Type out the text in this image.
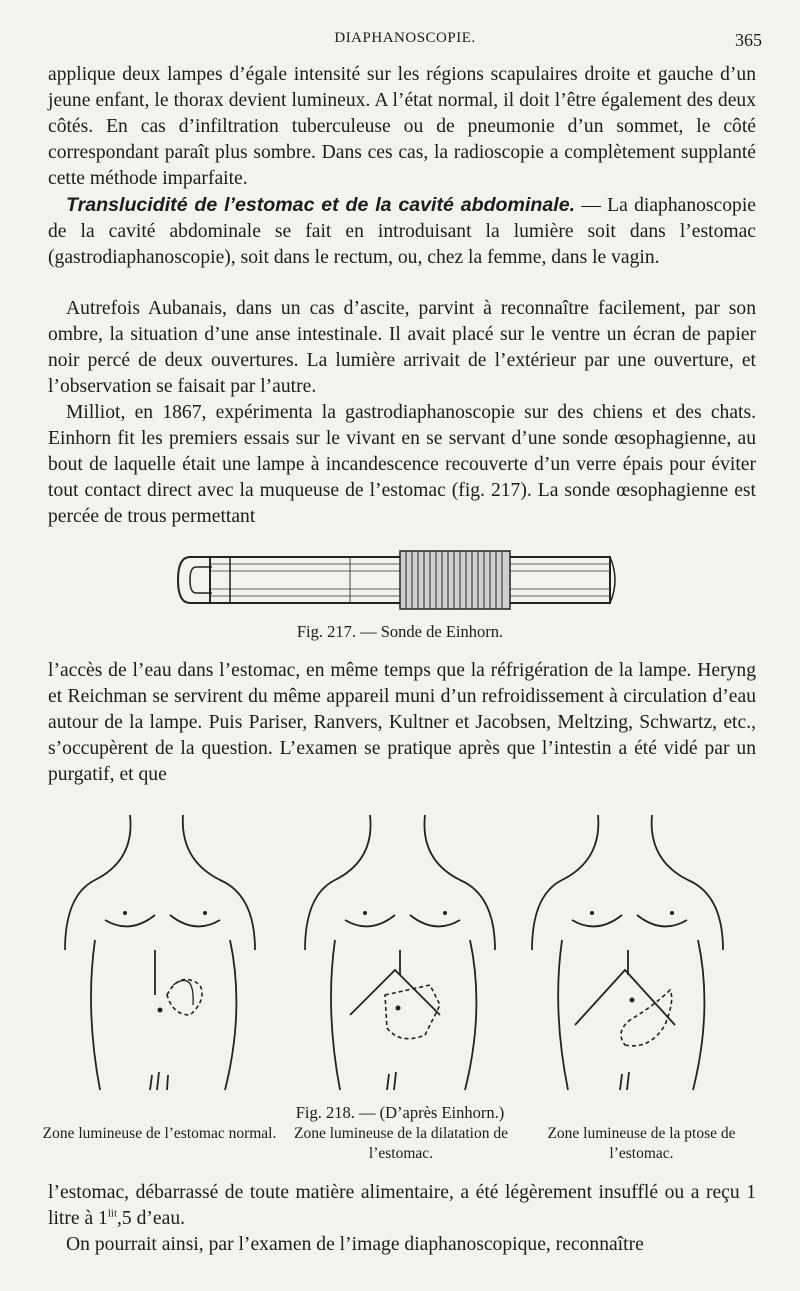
DIAPHANOSCOPIE.	365

applique deux lampes d’égale intensité sur les régions scapulaires droite et gauche d’un jeune enfant, le thorax devient lumineux. A l’état normal, il doit l’être également des deux côtés. En cas d’infiltration tuberculeuse ou de pneumonie d’un sommet, le côté correspondant paraît plus sombre. Dans ces cas, la radioscopie a complètement supplanté cette méthode imparfaite.

Translucidité de l’estomac et de la cavité abdominale. — La diaphanoscopie de la cavité abdominale se fait en introduisant la lumière soit dans l’estomac (gastrodiaphanoscopie), soit dans le rectum, ou, chez la femme, dans le vagin.

Autrefois Aubanais, dans un cas d’ascite, parvint à reconnaître facilement, par son ombre, la situation d’une anse intestinale. Il avait placé sur le ventre un écran de papier noir percé de deux ouvertures. La lumière arrivait de l’extérieur par une ouverture, et l’observation se faisait par l’autre.

Milliot, en 1867, expérimenta la gastrodiaphanoscopie sur des chiens et des chats. Einhorn fit les premiers essais sur le vivant en se servant d’une sonde œsophagienne, au bout de laquelle était une lampe à incandescence recouverte d’un verre épais pour éviter tout contact direct avec la muqueuse de l’estomac (fig. 217). La sonde œsophagienne est percée de trous permettant

Fig. 217. — Sonde de Einhorn.

l’accès de l’eau dans l’estomac, en même temps que la réfrigération de la lampe. Heryng et Reichman se servirent du même appareil muni d’un refroidissement à circulation d’eau autour de la lampe. Puis Pariser, Ranvers, Kultner et Jacobsen, Meltzing, Schwartz, etc., s’occupèrent de la question. L’examen se pratique après que l’intestin a été vidé par un purgatif, et que

Fig. 218. — (D’après Einhorn.)
Zone lumineuse de l’estomac normal.	Zone lumineuse de la dilatation de l’estomac.
Zone lumineuse de la ptose de l’estomac.

l’estomac, débarrassé de toute matière alimentaire, a été légèrement insufflé ou a reçu 1 litre à $1^{lit},5$ d’eau.

On pourrait ainsi, par l’examen de l’image diaphanoscopique, reconnaître
